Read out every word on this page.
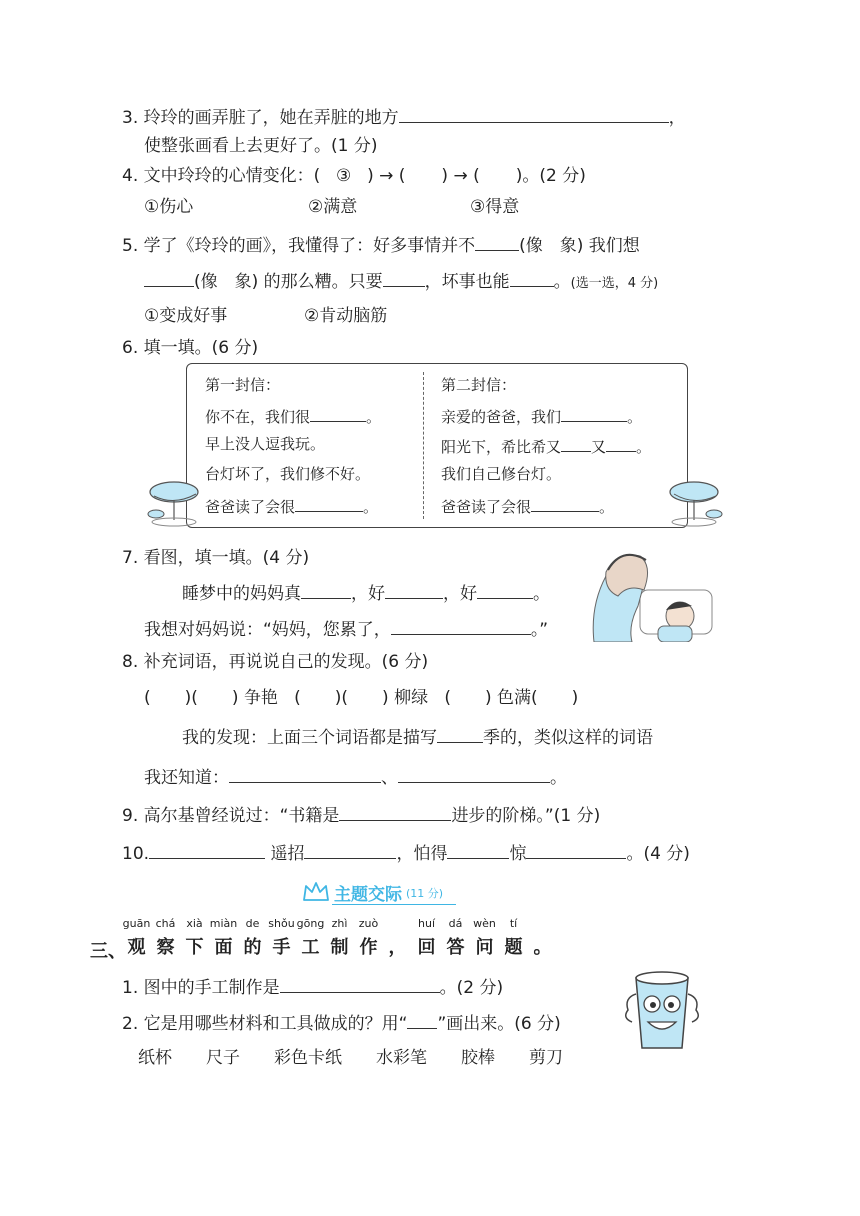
3. 玲玲的画弄脏了，她在弄脏的地方	，
使整张画看上去更好了。(1 分)
4. 文中玲玲的心情变化：( ③ ) → ( ) → ( )。(2 分)
①伤心	②满意	③得意
5. 学了《玲玲的画》，我懂得了：好多事情并不	(像　象) 我们想
(像　象) 的那么糟。只要 ，坏事也能	。(选一选，4 分)
①变成好事	②肯动脑筋
6. 填一填。(6 分)
第一封信：
你不在，我们很	。
早上没人逗我玩。
台灯坏了，我们修不好。
爸爸读了会很	。
第二封信：
亲爱的爸爸，我们	。
阳光下，希比希又 又 。
我们自己修台灯。
爸爸读了会很	。
7. 看图，填一填。(4 分)
睡梦中的妈妈真	，好	，好	。
我想对妈妈说：“妈妈，您累了，	。”
8. 补充词语，再说说自己的发现。(6 分)
(　　)(　　) 争艳 (　　)(　　) 柳绿 (　　) 色满(　　)
我的发现：上面三个词语都是描写	季的，类似这样的词语
我还知道：	、	。
9. 高尔基曾经说过：“书籍是	进步的阶梯。”(1 分)
10.	遥招	，怕得	惊	。(4 分)
主题交际 (11 分)
三、
guān
观
chá
察
xià
下
miàn
面
de
的
shǒu
手
gōng
工
zhì
制
zuò
作 ，
huí
回
dá
答
wèn
问
tí
题 。
1. 图中的手工制作是	。(2 分)
2. 它是用哪些材料和工具做成的？用“ ”画出来。(6 分)
纸杯 尺子 彩色卡纸 水彩笔 胶棒 剪刀
